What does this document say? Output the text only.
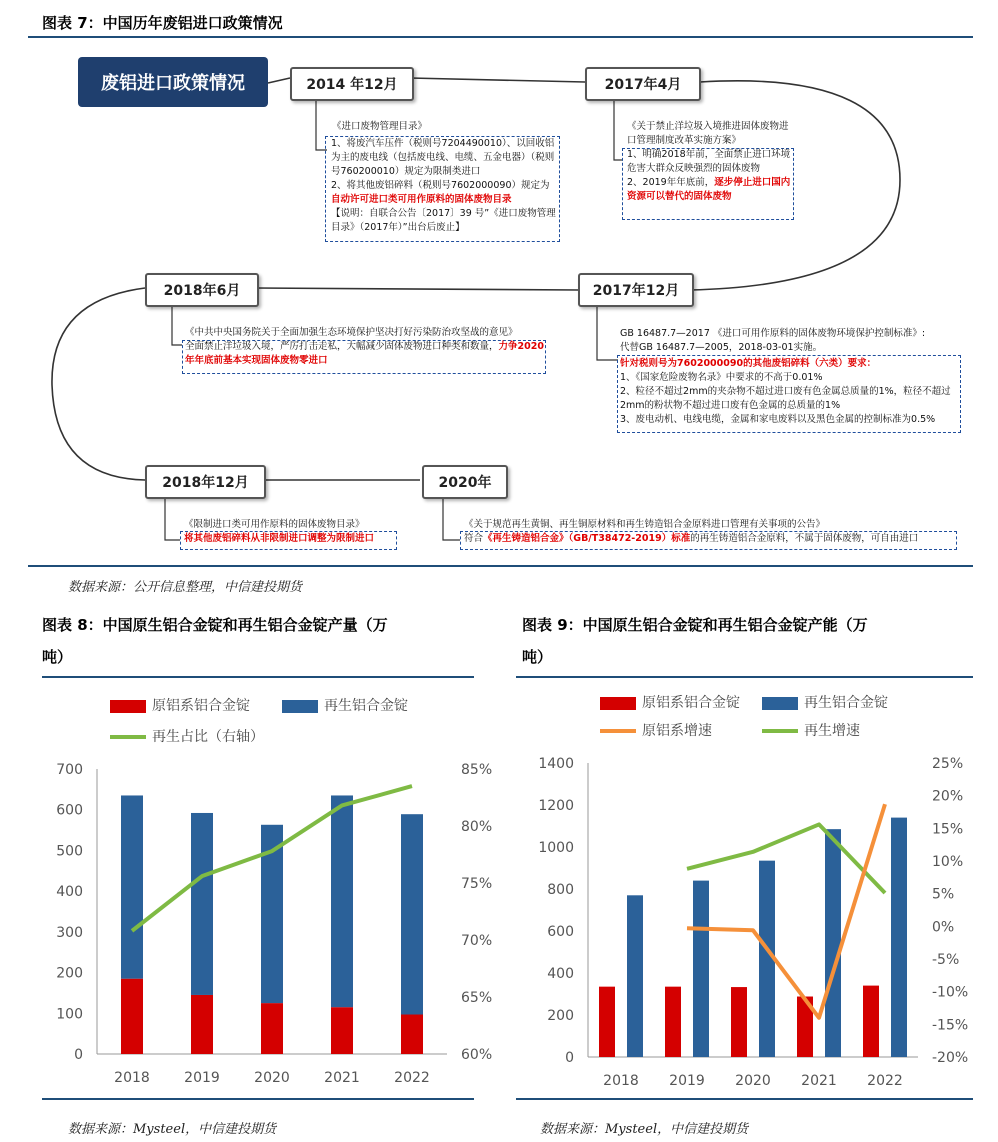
图表 7：中国历年废铝进口政策情况
废铝进口政策情况	2014 年12月	2017年4月
2017年12月
2018年6月
2018年12月	2020年
《进口废物管理目录》
1、将废汽车压件（税则号7204490010）、以回收铝为主的废电线（包括废电线、电缆、五金电器）（税则号760200010）规定为限制类进口
2、将其他废铝碎料（税则号7602000090）规定为自动许可进口类可用作原料的固体废物目录
【说明：自联合公告〔2017〕39 号”《进口废物管理目录》（2017年）”出台后废止】
《关于禁止洋垃圾入境推进固体废物进口管理制度改革实施方案》
1、明确2018年前，全面禁止进口环境危害大群众反映强烈的固体废物
2、2019年年底前，逐步停止进口国内资源可以替代的固体废物
《中共中央国务院关于全面加强生态环境保护坚决打好污染防治攻坚战的意见》
全面禁止洋垃圾入境，严厉打击走私，大幅减少固体废物进口种类和数量，力争2020年年底前基本实现固体废物零进口
GB 16487.7—2017 《进口可用作原料的固体废物环境保护控制标准》:
代替GB 16487.7—2005，2018-03-01实施。
针对税则号为7602000090的其他废铝碎料（六类）要求：
1、《国家危险废物名录》中要求的不高于0.01%
2、粒径不超过2mm的夹杂物不超过进口废有色金属总质量的1%，粒径不超过2mm的粉状物不超过进口废有色金属的总质量的1%
3、废电动机、电线电缆，金属和家电废料以及黑色金属的控制标准为0.5%
《限制进口类可用作原料的固体废物目录》
将其他废铝碎料从非限制进口调整为限制进口
《关于规范再生黄铜、再生铜原材料和再生铸造铝合金原料进口管理有关事项的公告》
符合《再生铸造铝合金》（GB/T38472-2019）标准的再生铸造铝合金原料，不属于固体废物，可自由进口
数据来源：公开信息整理，中信建投期货
图表 8：中国原生铝合金锭和再生铝合金锭产量（万
吨）
原铝系铝合金锭	再生铝合金锭
再生占比（右轴）
0
100
200
300
400
500
600
700
60%
65%
70%
75%
80%
85%
2018 2019 2020 2021 2022
数据来源：Mysteel，中信建投期货
图表 9：中国原生铝合金锭和再生铝合金锭产能（万
吨）
原铝系铝合金锭	再生铝合金锭
原铝系增速	再生增速
0
200
400
600
800
1000
1200
1400
-20%
-15%
-10%
-5%
0%
5%
10%
15%
20%
25%
2018 2019 2020 2021 2022
数据来源：Mysteel，中信建投期货
